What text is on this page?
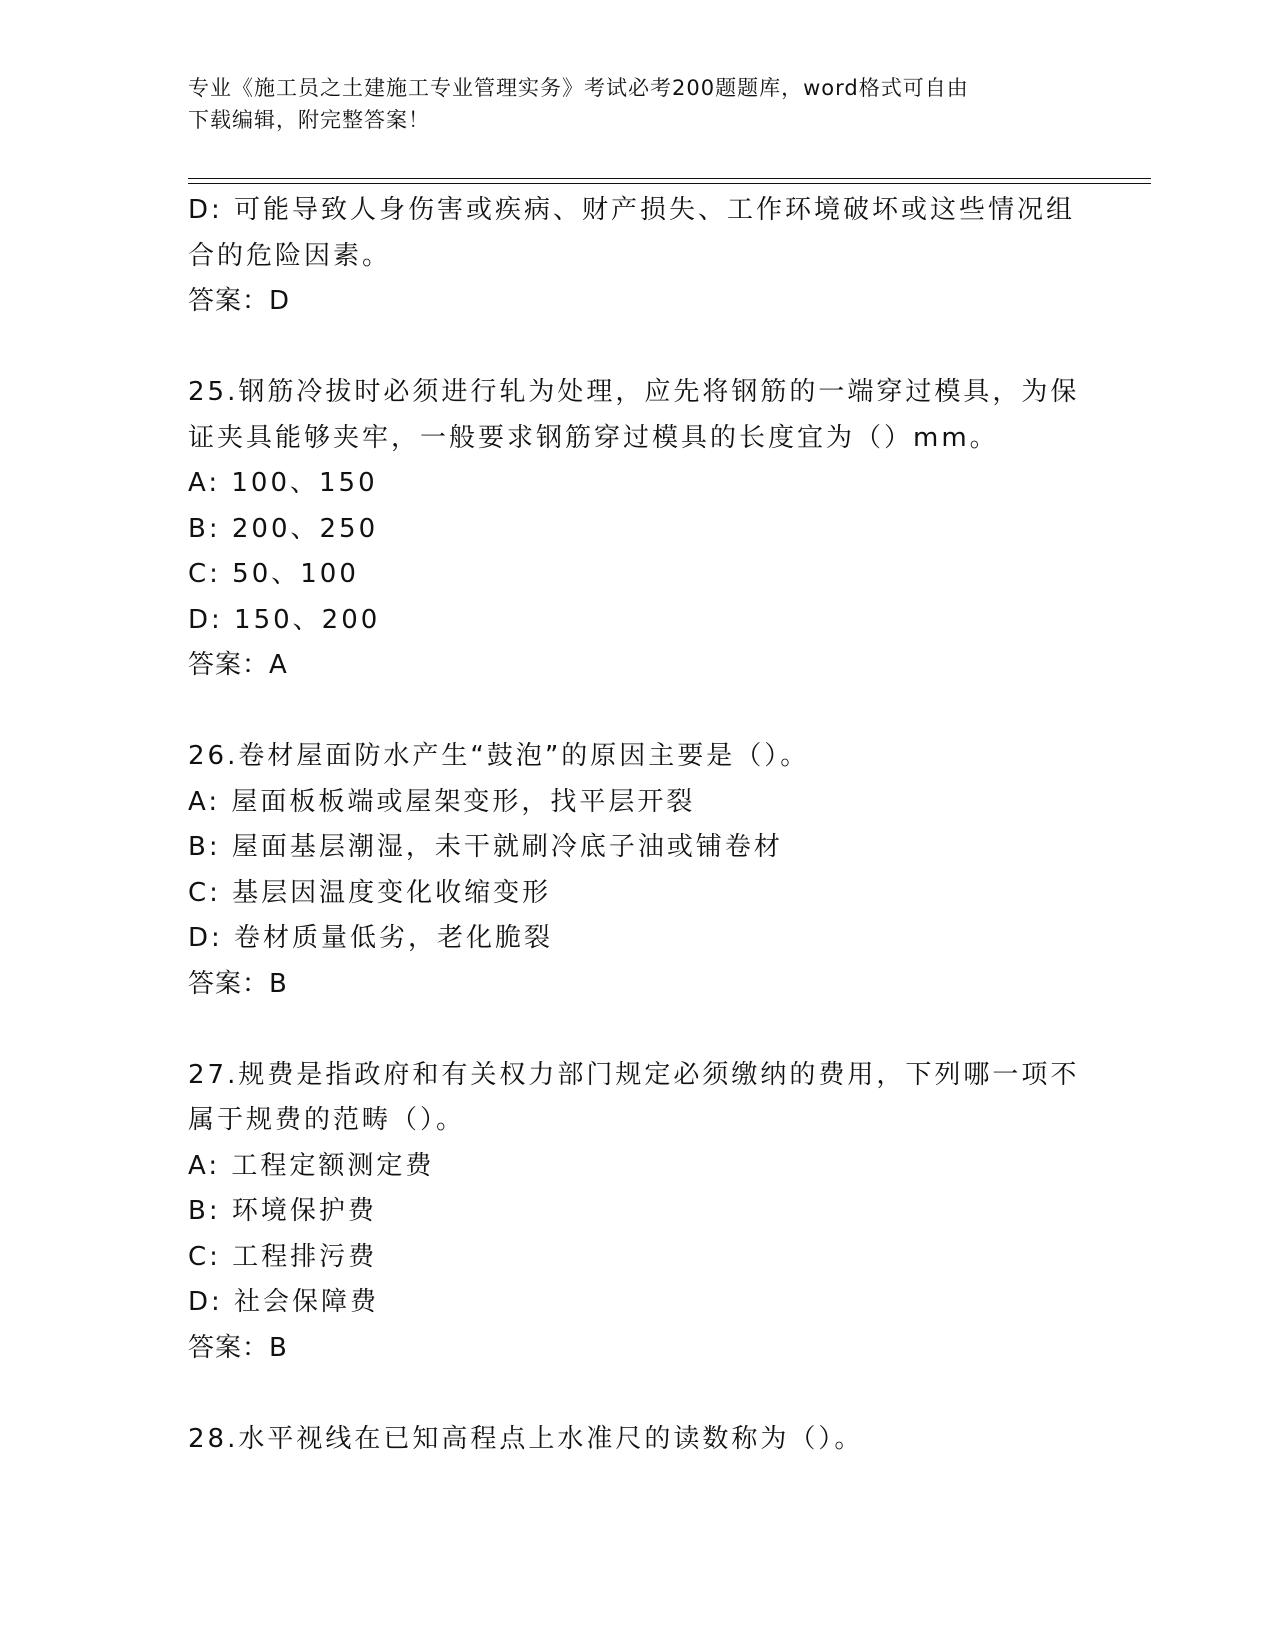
专业《施工员之土建施工专业管理实务》考试必考200题题库，word格式可自由
下载编辑，附完整答案！
D: 可能导致人身伤害或疾病、财产损失、工作环境破坏或这些情况组
合的危险因素。
答案：D
25.钢筋冷拔时必须进行轧为处理，应先将钢筋的一端穿过模具，为保
证夹具能够夹牢，一般要求钢筋穿过模具的长度宜为（）mm。
A: 100、150
B: 200、250
C: 50、100
D: 150、200
答案：A
26.卷材屋面防水产生“鼓泡”的原因主要是（）。
A: 屋面板板端或屋架变形，找平层开裂
B: 屋面基层潮湿，未干就刷冷底子油或铺卷材
C: 基层因温度变化收缩变形
D: 卷材质量低劣，老化脆裂
答案：B
27.规费是指政府和有关权力部门规定必须缴纳的费用，下列哪一项不
属于规费的范畴（）。
A: 工程定额测定费
B: 环境保护费
C: 工程排污费
D: 社会保障费
答案：B
28.水平视线在已知高程点上水准尺的读数称为（）。
